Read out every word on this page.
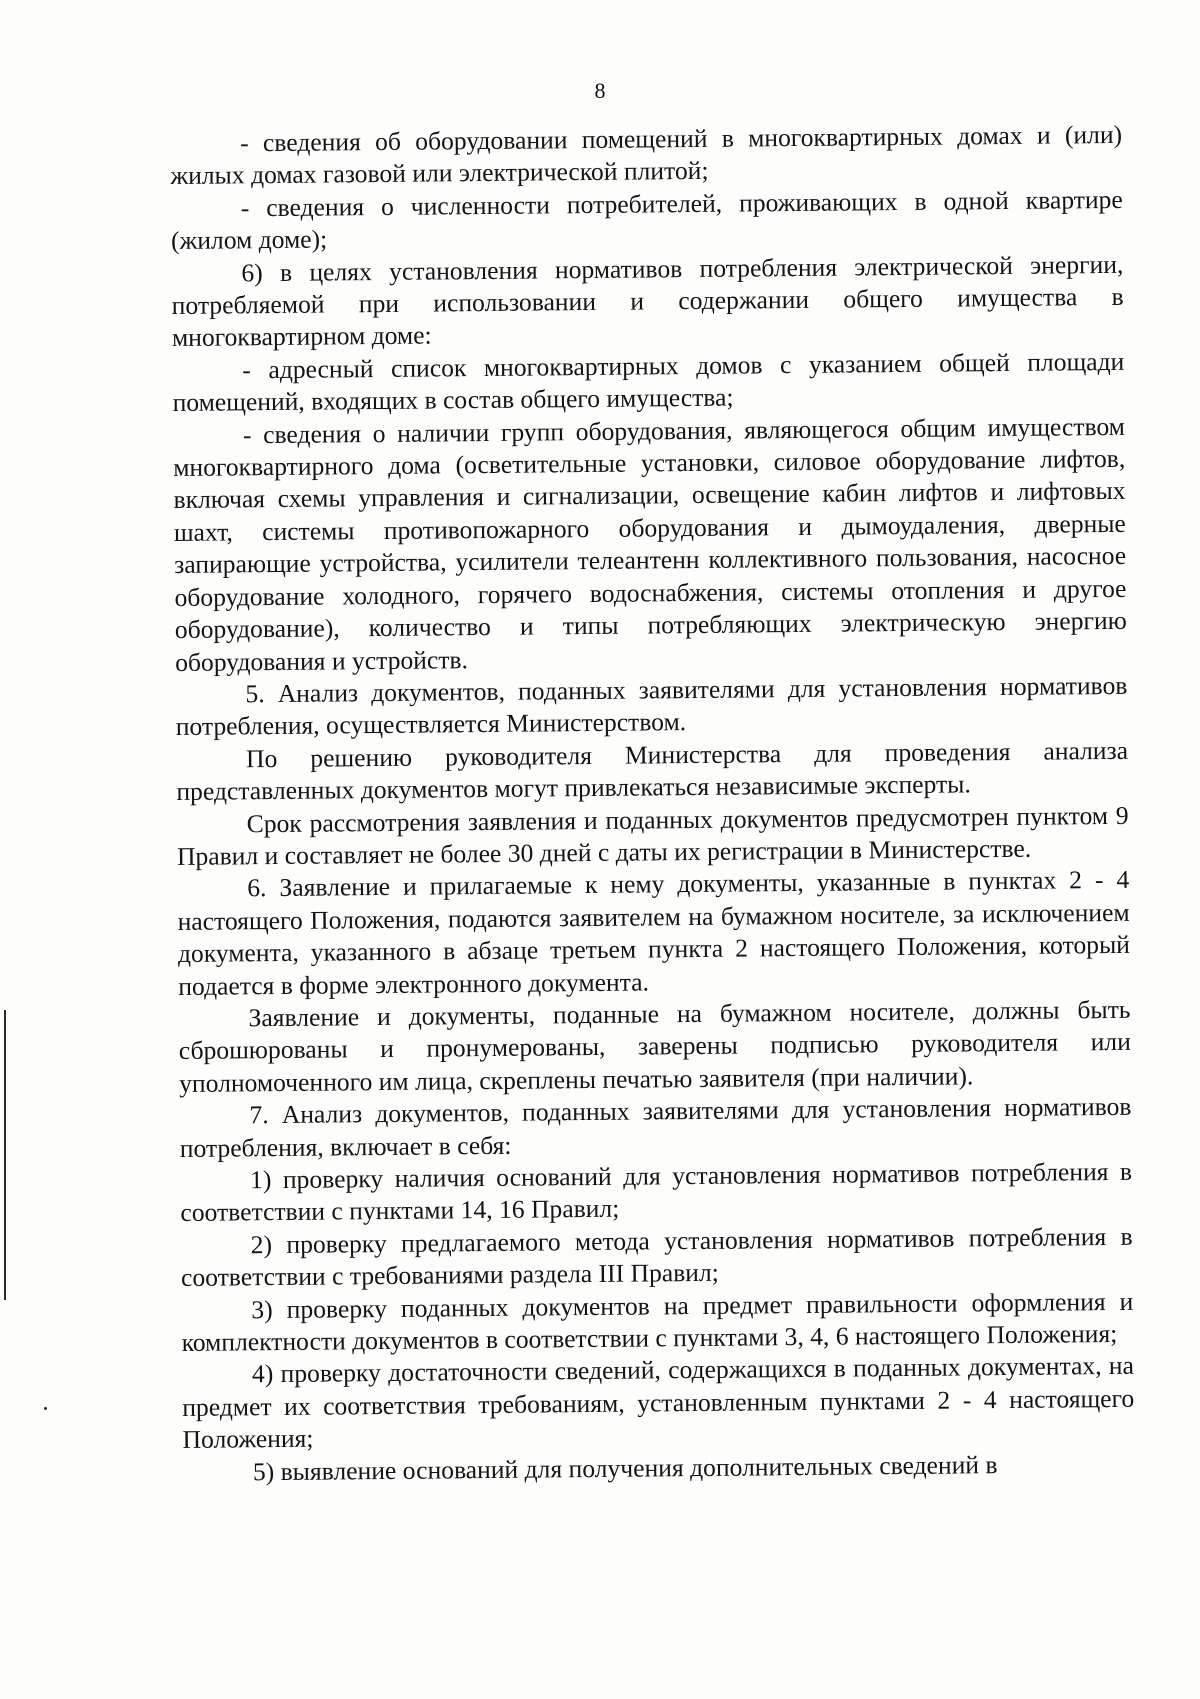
8

- сведения об оборудовании помещений в многоквартирных домах и (или) жилых домах газовой или электрической плитой;

- сведения о численности потребителей, проживающих в одной квартире (жилом доме);

6) в целях установления нормативов потребления электрической энергии, потребляемой при использовании и содержании общего имущества в многоквартирном доме:

- адресный список многоквартирных домов с указанием общей площади помещений, входящих в состав общего имущества;

- сведения о наличии групп оборудования, являющегося общим имуществом многоквартирного дома (осветительные установки, силовое оборудование лифтов, включая схемы управления и сигнализации, освещение кабин лифтов и лифтовых шахт, системы противопожарного оборудования и дымоудаления, дверные запирающие устройства, усилители телеантенн коллективного пользования, насосное оборудование холодного, горячего водоснабжения, системы отопления и другое оборудование), количество и типы потребляющих электрическую энергию оборудования и устройств.

5. Анализ документов, поданных заявителями для установления нормативов потребления, осуществляется Министерством.

По решению руководителя Министерства для проведения анализа представленных документов могут привлекаться независимые эксперты.

Срок рассмотрения заявления и поданных документов предусмотрен пунктом 9 Правил и составляет не более 30 дней с даты их регистрации в Министерстве.

6. Заявление и прилагаемые к нему документы, указанные в пунктах 2 - 4 настоящего Положения, подаются заявителем на бумажном носителе, за исключением документа, указанного в абзаце третьем пункта 2 настоящего Положения, который подается в форме электронного документа.

Заявление и документы, поданные на бумажном носителе, должны быть сброшюрованы и пронумерованы, заверены подписью руководителя или уполномоченного им лица, скреплены печатью заявителя (при наличии).

7. Анализ документов, поданных заявителями для установления нормативов потребления, включает в себя:

1) проверку наличия оснований для установления нормативов потребления в соответствии с пунктами 14, 16 Правил;

2) проверку предлагаемого метода установления нормативов потребления в соответствии с требованиями раздела III Правил;

3) проверку поданных документов на предмет правильности оформления и комплектности документов в соответствии с пунктами 3, 4, 6 настоящего Положения;

4) проверку достаточности сведений, содержащихся в поданных документах, на предмет их соответствия требованиям, установленным пунктами 2 - 4 настоящего Положения;

5) выявление оснований для получения дополнительных сведений в
